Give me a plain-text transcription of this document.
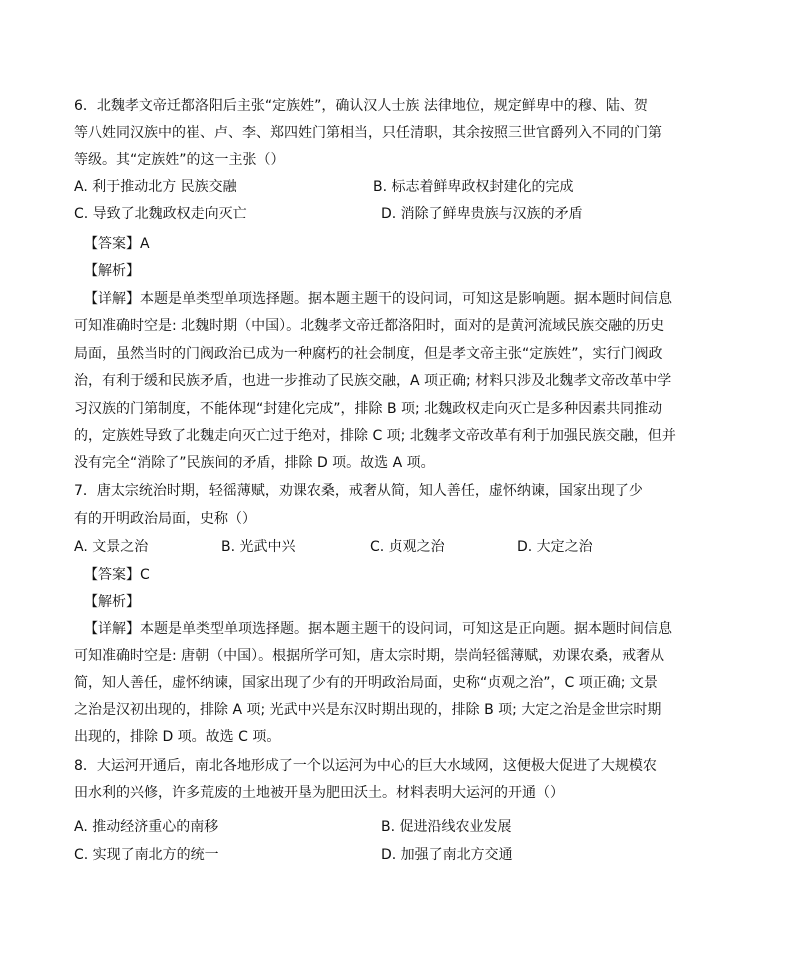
6．北魏孝文帝迁都洛阳后主张“定族姓”，确认汉人士族 法律地位，规定鲜卑中的穆、陆、贺
等八姓同汉族中的崔、卢、李、郑四姓门第相当，只任清职，其余按照三世官爵列入不同的门第
等级。其“定族姓”的这一主张（）
A. 利于推动北方 民族交融	B. 标志着鲜卑政权封建化的完成
C. 导致了北魏政权走向灭亡	D. 消除了鲜卑贵族与汉族的矛盾
【答案】A
【解析】
【详解】本题是单类型单项选择题。据本题主题干的设问词，可知这是影响题。据本题时间信息
可知准确时空是: 北魏时期（中国）。北魏孝文帝迁都洛阳时，面对的是黄河流域民族交融的历史
局面，虽然当时的门阀政治已成为一种腐朽的社会制度，但是孝文帝主张“定族姓”，实行门阀政
治，有利于缓和民族矛盾，也进一步推动了民族交融，A 项正确; 材料只涉及北魏孝文帝改革中学
习汉族的门第制度，不能体现“封建化完成”，排除 B 项; 北魏政权走向灭亡是多种因素共同推动
的，定族姓导致了北魏走向灭亡过于绝对，排除 C 项; 北魏孝文帝改革有利于加强民族交融，但并
没有完全“消除了”民族间的矛盾，排除 D 项。故选 A 项。
7．唐太宗统治时期，轻徭薄赋，劝课农桑，戒奢从简，知人善任，虚怀纳谏，国家出现了少
有的开明政治局面，史称（）
A. 文景之治	B. 光武中兴	C. 贞观之治	D. 大定之治
【答案】C
【解析】
【详解】本题是单类型单项选择题。据本题主题干的设问词，可知这是正向题。据本题时间信息
可知准确时空是: 唐朝（中国）。根据所学可知，唐太宗时期，崇尚轻徭薄赋，劝课农桑，戒奢从
简，知人善任，虚怀纳谏，国家出现了少有的开明政治局面，史称“贞观之治”，C 项正确; 文景
之治是汉初出现的，排除 A 项; 光武中兴是东汉时期出现的，排除 B 项; 大定之治是金世宗时期
出现的，排除 D 项。故选 C 项。
8．大运河开通后，南北各地形成了一个以运河为中心的巨大水域网，这便极大促进了大规模农
田水利的兴修，许多荒废的土地被开垦为肥田沃土。材料表明大运河的开通（）
A. 推动经济重心的南移	B. 促进沿线农业发展
C. 实现了南北方的统一	D. 加强了南北方交通
